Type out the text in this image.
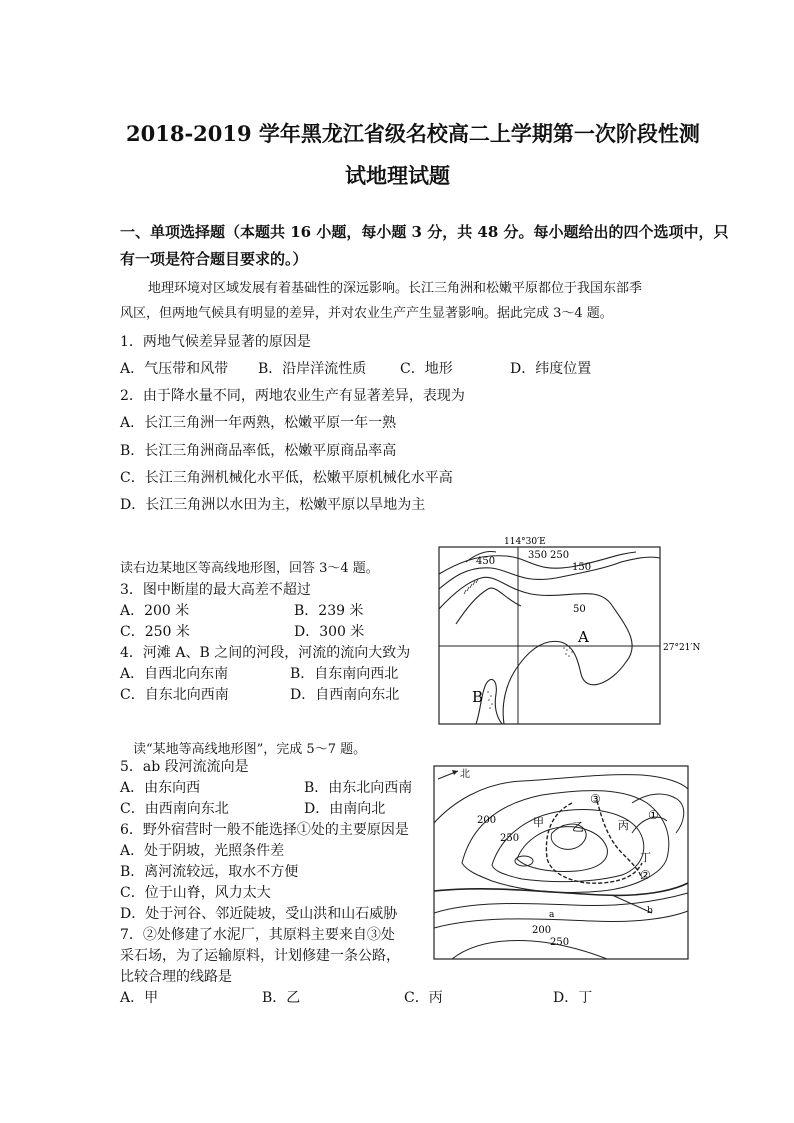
2018-2019 学年黑龙江省级名校高二上学期第一次阶段性测
试地理试题
一、单项选择题（本题共 16 小题，每小题 3 分，共 48 分。每小题给出的四个选项中，只
有一项是符合题目要求的。）
地理环境对区域发展有着基础性的深远影响。长江三角洲和松嫩平原都位于我国东部季
风区，但两地气候具有明显的差异，并对农业生产产生显著影响。据此完成 3～4 题。
1．两地气候差异显著的原因是
A．气压带和风带 B．沿岸洋流性质 C．地形	D．纬度位置
2．由于降水量不同，两地农业生产有显著差异，表现为
A．长江三角洲一年两熟，松嫩平原一年一熟
B．长江三角洲商品率低，松嫩平原商品率高
C．长江三角洲机械化水平低，松嫩平原机械化水平高
D．长江三角洲以水田为主，松嫩平原以旱地为主
读右边某地区等高线地形图，回答 3～4 题。
3．图中断崖的最大高差不超过
A．200 米	B．239 米
C．250 米	D．300 米
4．河滩 A、B 之间的河段，河流的流向大致为
A．自西北向东南	B．自东南向西北
C．自东北向西南	D．自西南向东北
114°30′E
27°21′N
450
350 250
150
50
A
B
读“某地等高线地形图”，完成 5～7 题。
5．ab 段河流流向是
A．由东向西	B．由东北向西南
C．由西南向东北	D．由南向北
6．野外宿营时一般不能选择①处的主要原因是
A．处于阴坡，光照条件差
B．离河流较远，取水不方便
C．位于山脊，风力太大
D．处于河谷、邻近陡坡，受山洪和山石威胁
7．②处修建了水泥厂，其原料主要来自③处
采石场，为了运输原料，计划修建一条公路，
比较合理的线路是
A．甲	B．乙	C．丙	D．丁
北
200
250
200
250
甲 乙	丙
丁
①
②
③
a	b
